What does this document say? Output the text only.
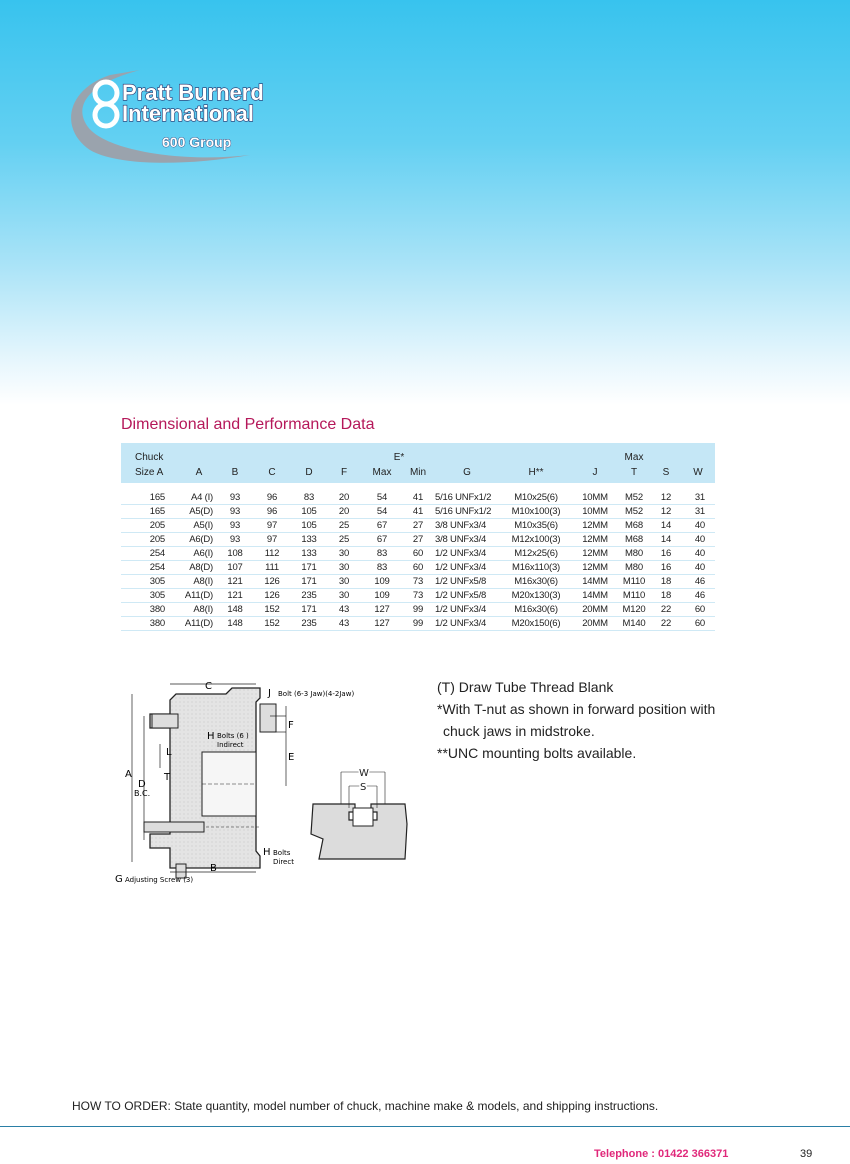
Pratt Burnerd
International
600 Group
Dimensional and Performance Data
Chuck						E*					Max		
Size A	A	B	C	D	F	Max	Min	G	H**	J	T	S	W

165	A4 (I)	93	96	83	20	54	41	5/16 UNFx1/2	M10x25(6)	10MM	M52	12	31
165	A5(D)	93	96	105	20	54	41	5/16 UNFx1/2	M10x100(3)	10MM	M52	12	31
205	A5(I)	93	97	105	25	67	27	3/8 UNFx3/4	M10x35(6)	12MM	M68	14	40
205	A6(D)	93	97	133	25	67	27	3/8 UNFx3/4	M12x100(3)	12MM	M68	14	40
254	A6(I)	108	112	133	30	83	60	1/2 UNFx3/4	M12x25(6)	12MM	M80	16	40
254	A8(D)	107	111	171	30	83	60	1/2 UNFx3/4	M16x110(3)	12MM	M80	16	40
305	A8(I)	121	126	171	30	109	73	1/2 UNFx5/8	M16x30(6)	14MM	M110	18	46
305	A11(D)	121	126	235	30	109	73	1/2 UNFx5/8	M20x130(3)	14MM	M110	18	46
380	A8(I)	148	152	171	43	127	99	1/2 UNFx3/4	M16x30(6)	20MM	M120	22	60
380	A11(D)	148	152	235	43	127	99	1/2 UNFx3/4	M20x150(6)	20MM	M140	22	60
C
J Bolt (6-3 Jaw)(4-2Jaw)
F
H Bolts (6 )
Indirect
L	E
A	T
D
B.C.
H Bolts
Direct
B
G Adjusting Screw (3)
W
S
(T) Draw Tube Thread Blank
*With T-nut as shown in forward position with
chuck jaws in midstroke.
**UNC mounting bolts available.
HOW TO ORDER: State quantity, model number of chuck, machine make & models, and shipping instructions.
Telephone : 01422 366371	39
